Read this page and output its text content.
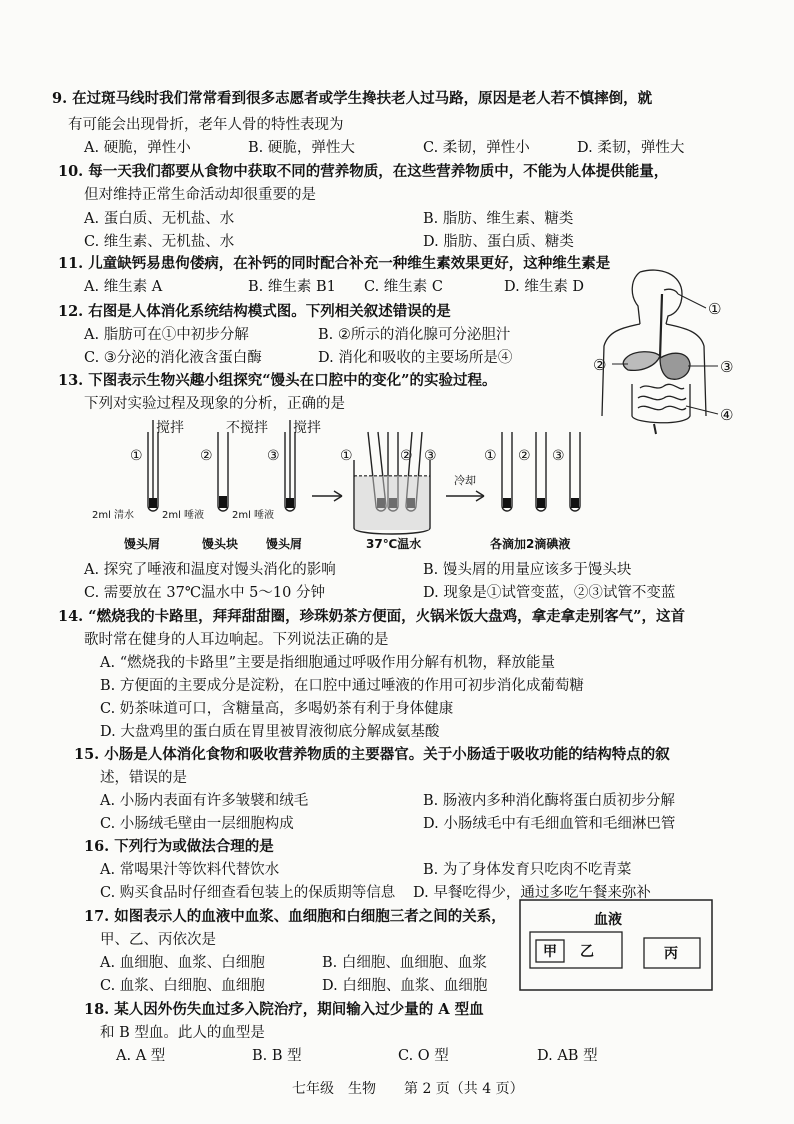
9. 在过斑马线时我们常常看到很多志愿者或学生搀扶老人过马路，原因是老人若不慎摔倒，就
有可能会出现骨折，老年人骨的特性表现为
A. 硬脆，弹性小	B. 硬脆，弹性大	C. 柔韧，弹性小	D. 柔韧，弹性大
10. 每一天我们都要从食物中获取不同的营养物质，在这些营养物质中，不能为人体提供能量，
但对维持正常生命活动却很重要的是
A. 蛋白质、无机盐、水	B. 脂肪、维生素、糖类
C. 维生素、无机盐、水	D. 脂肪、蛋白质、糖类
11. 儿童缺钙易患佝偻病，在补钙的同时配合补充一种维生素效果更好，这种维生素是
A. 维生素 A	B. 维生素 B1 C. 维生素 C	D. 维生素 D
12. 右图是人体消化系统结构模式图。下列相关叙述错误的是
A. 脂肪可在①中初步分解	B. ②所示的消化腺可分泌胆汁
C. ③分泌的消化液含蛋白酶	D. 消化和吸收的主要场所是④
①
②	③
④
13. 下图表示生物兴趣小组探究“馒头在口腔中的变化”的实验过程。
下列对实验过程及现象的分析，正确的是
①	②	③
搅拌	不搅拌 搅拌
①	② ③	① ② ③
冷却
2ml 清水	2ml 唾液	2ml 唾液
馒头屑	馒头块 馒头屑	37℃温水	各滴加2滴碘液
A. 探究了唾液和温度对馒头消化的影响	B. 馒头屑的用量应该多于馒头块
C. 需要放在 37℃温水中 5～10 分钟	D. 现象是①试管变蓝，②③试管不变蓝
14. “燃烧我的卡路里，拜拜甜甜圈，珍珠奶茶方便面，火锅米饭大盘鸡，拿走拿走别客气”，这首
歌时常在健身的人耳边响起。下列说法正确的是
A. “燃烧我的卡路里”主要是指细胞通过呼吸作用分解有机物，释放能量
B. 方便面的主要成分是淀粉，在口腔中通过唾液的作用可初步消化成葡萄糖
C. 奶茶味道可口，含糖量高，多喝奶茶有利于身体健康
D. 大盘鸡里的蛋白质在胃里被胃液彻底分解成氨基酸
15. 小肠是人体消化食物和吸收营养物质的主要器官。关于小肠适于吸收功能的结构特点的叙
述，错误的是
A. 小肠内表面有许多皱襞和绒毛	B. 肠液内多种消化酶将蛋白质初步分解
C. 小肠绒毛壁由一层细胞构成	D. 小肠绒毛中有毛细血管和毛细淋巴管
16. 下列行为或做法合理的是
A. 常喝果汁等饮料代替饮水	B. 为了身体发育只吃肉不吃青菜
C. 购买食品时仔细查看包装上的保质期等信息 D. 早餐吃得少，通过多吃午餐来弥补
17. 如图表示人的血液中血浆、血细胞和白细胞三者之间的关系，
甲、乙、丙依次是
A. 血细胞、血浆、白细胞	B. 白细胞、血细胞、血浆
C. 血浆、白细胞、血细胞	D. 白细胞、血浆、血细胞
血液
甲 乙	丙
18. 某人因外伤失血过多入院治疗，期间输入过少量的 A 型血
和 B 型血。此人的血型是
A. A 型	B. B 型	C. O 型	D. AB 型
七年级　生物　　第 2 页（共 4 页）
